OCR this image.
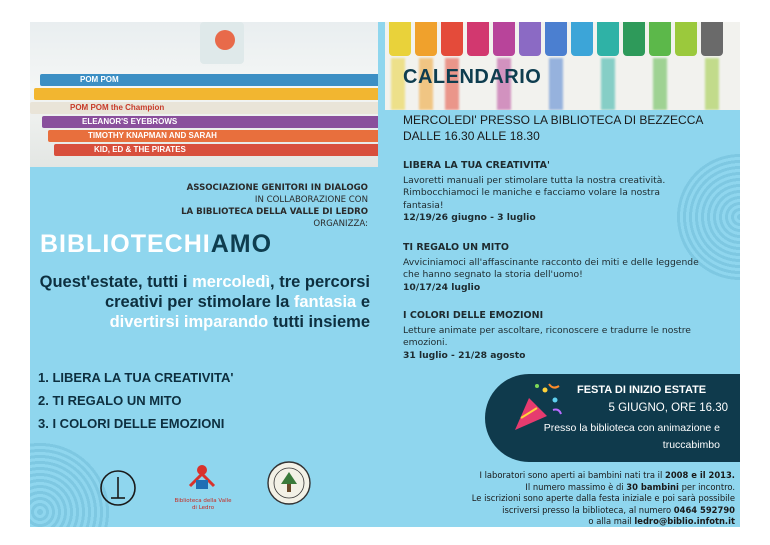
POM POM
POM POM the Champion
ELEANOR'S EYEBROWS
TIMOTHY KNAPMAN AND SARAH
KID, ED & THE PIRATES
ASSOCIAZIONE GENITORI IN DIALOGO
IN COLLABORAZIONE CON
LA BIBLIOTECA DELLA VALLE DI LEDRO
ORGANIZZA:
BIBLIOTECHIAMO
Quest'estate, tutti i mercoledì, tre percorsi creativi per stimolare la fantasia e divertirsi imparando tutti insieme
1. LIBERA LA TUA CREATIVITA'
2. TI REGALO UN MITO
3. I COLORI DELLE EMOZIONI
Biblioteca della Valle di Ledro
CALENDARIO
MERCOLEDI' PRESSO LA BIBLIOTECA DI BEZZECCA DALLE 16.30 ALLE 18.30
LIBERA LA TUA CREATIVITA'
Lavoretti manuali per stimolare tutta la nostra creatività. Rimbocchiamoci le maniche e facciamo volare la nostra fantasia!
12/19/26 giugno - 3 luglio
TI REGALO UN MITO
Avviciniamoci all'affascinante racconto dei miti e delle leggende che hanno segnato la storia dell'uomo!
10/17/24 luglio
I COLORI DELLE EMOZIONI
Letture animate per ascoltare, riconoscere e tradurre le nostre emozioni.
31 luglio - 21/28 agosto
FESTA DI INIZIO ESTATE
5 GIUGNO, ORE 16.30
Presso la biblioteca con animazione e truccabimbo
I laboratori sono aperti ai bambini nati tra il 2008 e il 2013.
Il numero massimo è di 30 bambini per incontro.
Le iscrizioni sono aperte dalla festa iniziale e poi sarà possibile
iscriversi presso la biblioteca, al numero 0464 592790
o alla mail ledro@biblio.infotn.it
